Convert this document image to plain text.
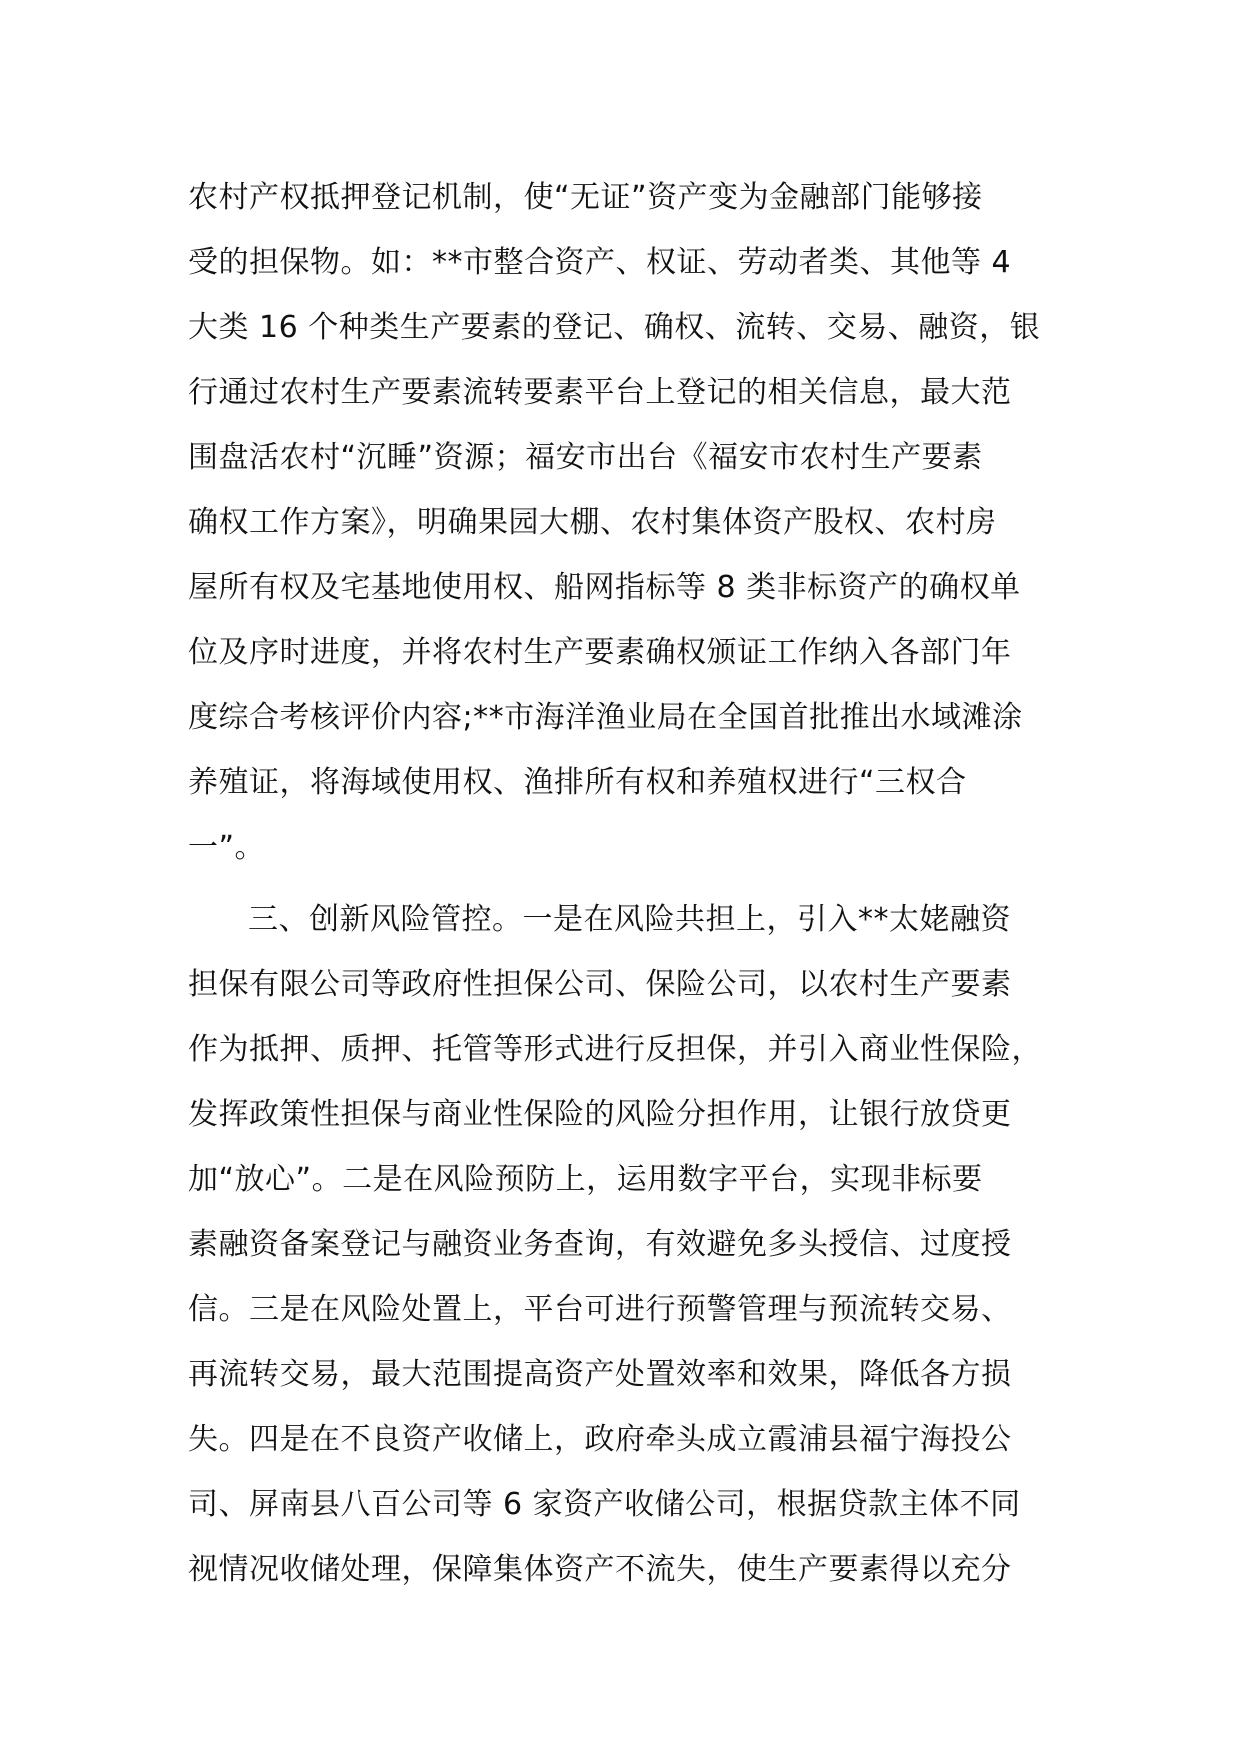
农村产权抵押登记机制，使“无证”资产变为金融部门能够接
受的担保物。如：**市整合资产、权证、劳动者类、其他等 4
大类 16 个种类生产要素的登记、确权、流转、交易、融资，银
行通过农村生产要素流转要素平台上登记的相关信息，最大范
围盘活农村“沉睡”资源；福安市出台《福安市农村生产要素
确权工作方案》，明确果园大棚、农村集体资产股权、农村房
屋所有权及宅基地使用权、船网指标等 8 类非标资产的确权单
位及序时进度，并将农村生产要素确权颁证工作纳入各部门年
度综合考核评价内容;**市海洋渔业局在全国首批推出水域滩涂
养殖证，将海域使用权、渔排所有权和养殖权进行“三权合
一”。
三、创新风险管控。一是在风险共担上，引入**太姥融资
担保有限公司等政府性担保公司、保险公司，以农村生产要素
作为抵押、质押、托管等形式进行反担保，并引入商业性保险，
发挥政策性担保与商业性保险的风险分担作用，让银行放贷更
加“放心”。二是在风险预防上，运用数字平台，实现非标要
素融资备案登记与融资业务查询，有效避免多头授信、过度授
信。三是在风险处置上，平台可进行预警管理与预流转交易、
再流转交易，最大范围提高资产处置效率和效果，降低各方损
失。四是在不良资产收储上，政府牵头成立霞浦县福宁海投公
司、屏南县八百公司等 6 家资产收储公司，根据贷款主体不同
视情况收储处理，保障集体资产不流失，使生产要素得以充分
